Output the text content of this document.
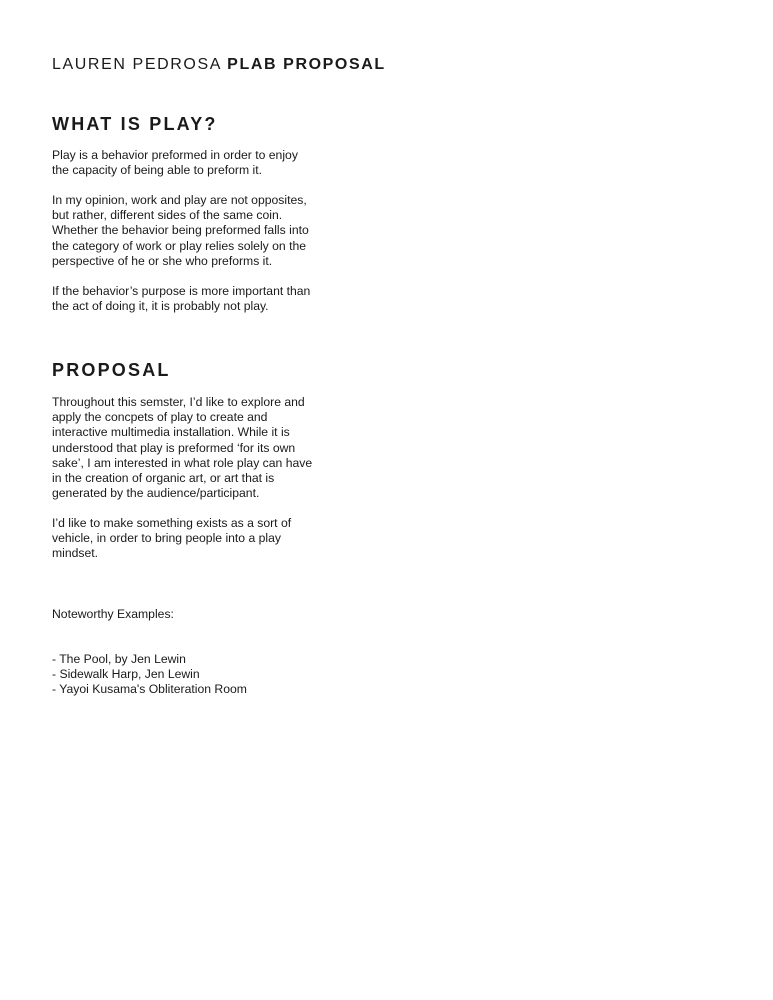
LAUREN PEDROSA PLAB PROPOSAL
WHAT IS PLAY?

Play is a behavior preformed in order to enjoy
the capacity of being able to preform it.

In my opinion, work and play are not opposites,
but rather, different sides of the same coin.
Whether the behavior being preformed falls into
the category of work or play relies solely on the
perspective of he or she who preforms it.

If the behavior’s purpose is more important than
the act of doing it, it is probably not play.

PROPOSAL

Throughout this semster, I’d like to explore and
apply the concpets of play to create and
interactive multimedia installation. While it is
understood that play is preformed ‘for its own
sake’, I am interested in what role play can have
in the creation of organic art, or art that is
generated by the audience/participant.

I’d like to make something exists as a sort of
vehicle, in order to bring people into a play
mindset.

Noteworthy Examples:

- The Pool, by Jen Lewin
- Sidewalk Harp, Jen Lewin
- Yayoi Kusama's Obliteration Room
